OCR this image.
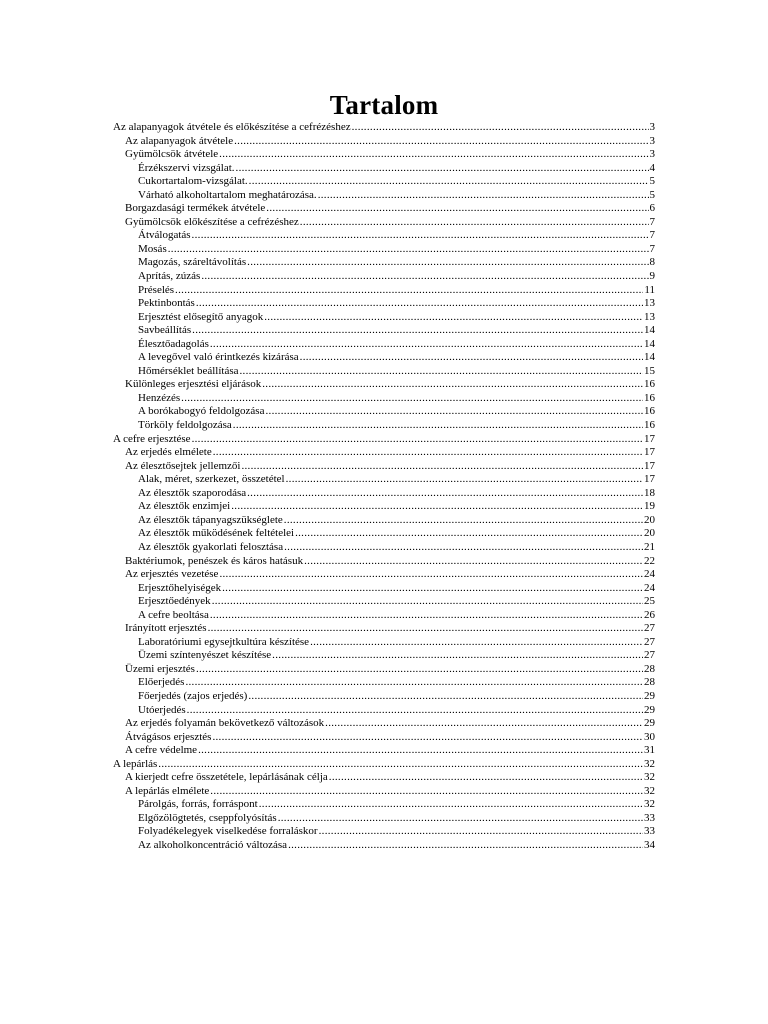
Tartalom
Az alapanyagok átvétele és előkészítése a cefrézéshez .....	3
Az alapanyagok átvétele .....	3
Gyümölcsök átvétele .....	3
Érzékszervi vizsgálat. .....	4
Cukortartalom-vizsgálat. .....	5
Várható alkoholtartalom meghatározása. .....	5
Borgazdasági termékek átvétele .....	6
Gyümölcsök előkészítése a cefrézéshez .....	7
Átválogatás .....	7
Mosás .....	7
Magozás, száreltávolítás .....	8
Aprítás, zúzás .....	9
Préselés .....	11
Pektinbontás .....	13
Erjesztést elősegítő anyagok .....	13
Savbeállítás .....	14
Élesztőadagolás .....	14
A levegővel való érintkezés kizárása .....	14
Hőmérséklet beállítása .....	15
Különleges erjesztési eljárások .....	16
Henzézés .....	16
A borókabogyó feldolgozása .....	16
Törköly feldolgozása .....	16
A cefre erjesztése .....	17
Az erjedés elmélete .....	17
Az élesztősejtek jellemzői .....	17
Alak, méret, szerkezet, összetétel .....	17
Az élesztők szaporodása .....	18
Az élesztők enzimjei .....	19
Az élesztők tápanyagszükséglete .....	20
Az élesztők működésének feltételei .....	20
Az élesztők gyakorlati felosztása .....	21
Baktériumok, penészek és káros hatásuk .....	22
Az erjesztés vezetése .....	24
Erjesztőhelyiségek .....	24
Erjesztőedények .....	25
A cefre beoltása .....	26
Irányított erjesztés .....	27
Laboratóriumi egysejtkultúra készítése .....	27
Üzemi színtenyészet készítése .....	27
Üzemi erjesztés .....	28
Előerjedés .....	28
Főerjedés (zajos erjedés) .....	29
Utóerjedés .....	29
Az erjedés folyamán bekövetkező változások .....	29
Átvágásos erjesztés .....	30
A cefre védelme .....	31
A lepárlás .....	32
A kierjedt cefre összetétele, lepárlásának célja .....	32
A lepárlás elmélete .....	32
Párolgás, forrás, forráspont .....	32
Elgőzölögtetés, cseppfolyósítás .....	33
Folyadékelegyek viselkedése forraláskor .....	33
Az alkoholkoncentráció változása .....	34
